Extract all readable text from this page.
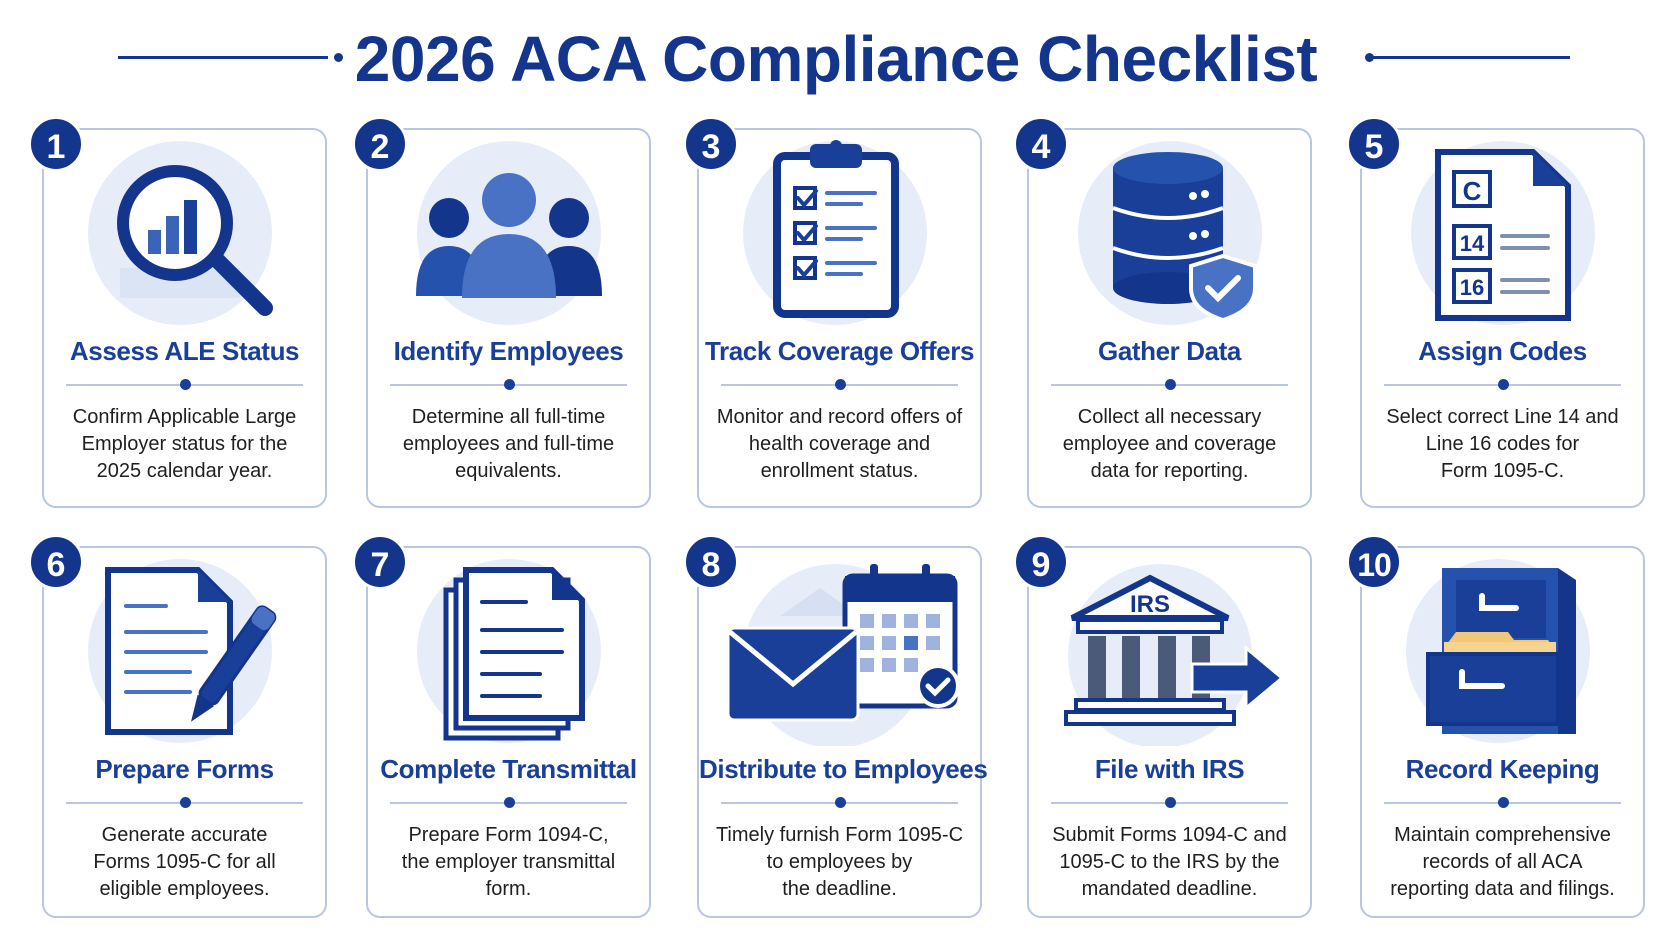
2026 ACA Compliance Checklist
1
Assess ALE Status
Confirm Applicable Large
Employer status for the
2025 calendar year.
2
Identify Employees
Determine all full-time
employees and full-time
equivalents.
3
Track Coverage Offers
Monitor and record offers of
health coverage and
enrollment status.
4
Gather Data
Collect all necessary
employee and coverage
data for reporting.
5
C
14
16
Assign Codes
Select correct Line 14 and
Line 16 codes for
Form 1095-C.
6
Prepare Forms
Generate accurate
Forms 1095-C for all
eligible employees.
7
Complete Transmittal
Prepare Form 1094-C,
the employer transmittal
form.
8
Distribute to Employees
Timely furnish Form 1095-C
to employees by
the deadline.
9
IRS
File with IRS
Submit Forms 1094-C and
1095-C to the IRS by the
mandated deadline.
10
Record Keeping
Maintain comprehensive
records of all ACA
reporting data and filings.
